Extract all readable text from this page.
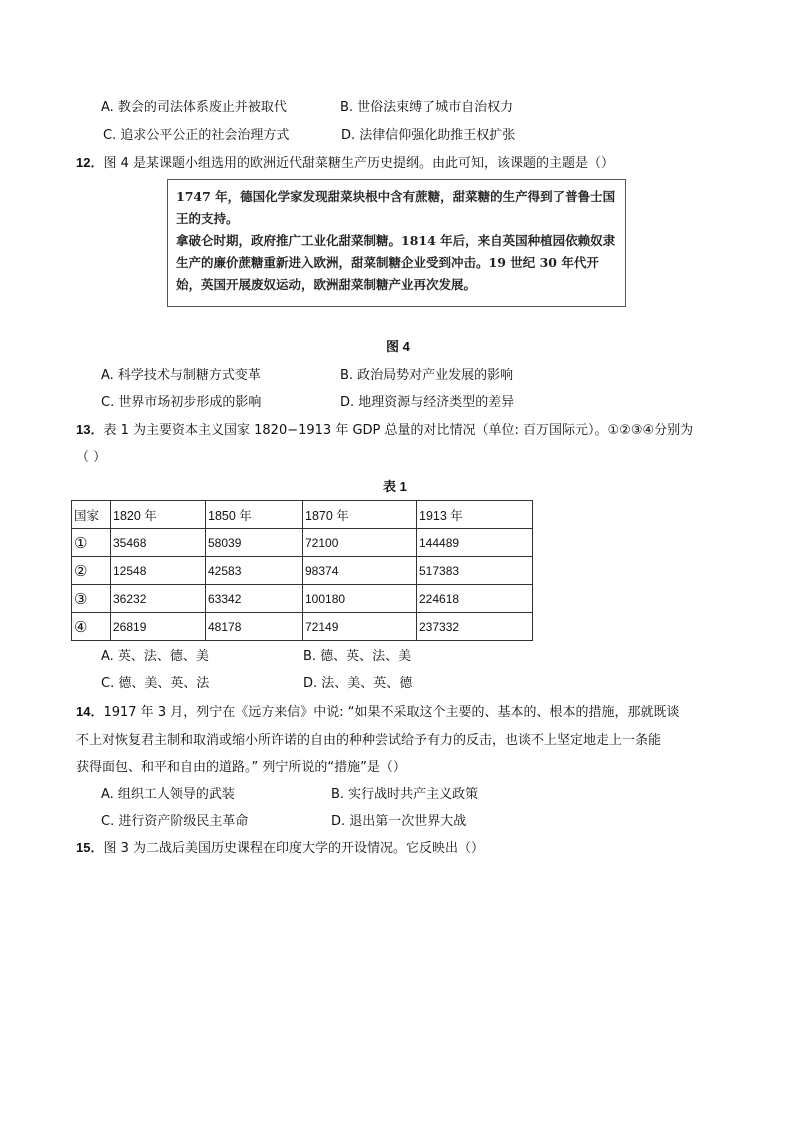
A. 教会的司法体系废止并被取代	B. 世俗法束缚了城市自治权力
C. 追求公平公正的社会治理方式	D. 法律信仰强化助推王权扩张
12．图 4 是某课题小组选用的欧洲近代甜菜糖生产历史提纲。由此可知，该课题的主题是（）

1747 年，德国化学家发现甜菜块根中含有蔗糖，甜菜糖的生产得到了普鲁士国王的支持。

拿破仑时期，政府推广工业化甜菜制糖。1814 年后，来自英国种植园依赖奴隶生产的廉价蔗糖重新进入欧洲，甜菜制糖企业受到冲击。19 世纪 30 年代开始，英国开展废奴运动，欧洲甜菜制糖产业再次发展。

图 4
A. 科学技术与制糖方式变革	B. 政治局势对产业发展的影响
C. 世界市场初步形成的影响	D. 地理资源与经济类型的差异
13．表 1 为主要资本主义国家 1820−1913 年 GDP 总量的对比情况（单位: 百万国际元）。①②③④分别为
（ ）
表 1
国家	1820 年	1850 年	1870 年	1913 年
①	35468	58039	72100	144489
②	12548	42583	98374	517383
③	36232	63342	100180	224618
④	26819	48178	72149	237332
A. 英、法、德、美	B. 德、英、法、美
C. 德、美、英、法	D. 法、美、英、德
14．1917 年 3 月，列宁在《远方来信》中说: “如果不采取这个主要的、基本的、根本的措施，那就既谈
不上对恢复君主制和取消或缩小所许诺的自由的种种尝试给予有力的反击，也谈不上坚定地走上一条能
获得面包、和平和自由的道路。” 列宁所说的“措施”是（）
A. 组织工人领导的武装	B. 实行战时共产主义政策
C. 进行资产阶级民主革命	D. 退出第一次世界大战
15．图 3 为二战后美国历史课程在印度大学的开设情况。它反映出（）
